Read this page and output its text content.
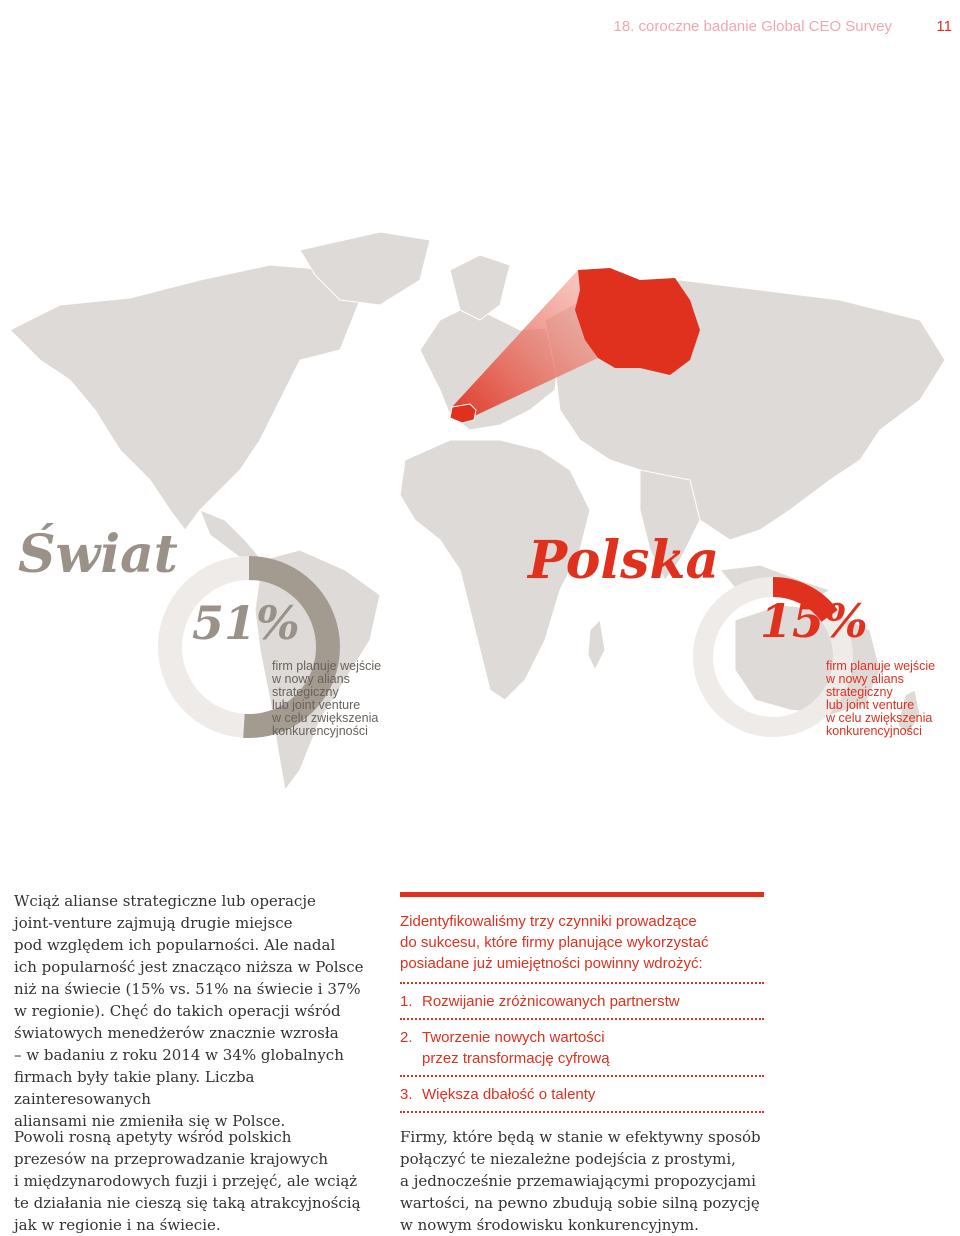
18. coroczne badanie Global CEO Survey	11
Świat	Polska
51%	15%
firm planuje wejście
w nowy alians
strategiczny
lub joint venture
w celu zwiększenia
konkurencyjności
firm planuje wejście
w nowy alians
strategiczny
lub joint venture
w celu zwiększenia
konkurencyjności
Wciąż alianse strategiczne lub operacje
joint-venture zajmują drugie miejsce
pod względem ich popularności. Ale nadal
ich popularność jest znacząco niższa w Polsce
niż na świecie (15% vs. 51% na świecie i 37%
w regionie). Chęć do takich operacji wśród
światowych menedżerów znacznie wzrosła
– w badaniu z roku 2014 w 34% globalnych
firmach były takie plany. Liczba zainteresowanych
aliansami nie zmieniła się w Polsce.
Powoli rosną apetyty wśród polskich
prezesów na przeprowadzanie krajowych
i międzynarodowych fuzji i przejęć, ale wciąż
te działania nie cieszą się taką atrakcyjnością
jak w regionie i na świecie.
Zidentyfikowaliśmy trzy czynniki prowadzące
do sukcesu, które firmy planujące wykorzystać
posiadane już umiejętności powinny wdrożyć:
1. Rozwijanie zróżnicowanych partnerstw
2. Tworzenie nowych wartości
przez transformację cyfrową
3. Większa dbałość o talenty
Firmy, które będą w stanie w efektywny sposób
połączyć te niezależne podejścia z prostymi,
a jednocześnie przemawiającymi propozycjami
wartości, na pewno zbudują sobie silną pozycję
w nowym środowisku konkurencyjnym.
